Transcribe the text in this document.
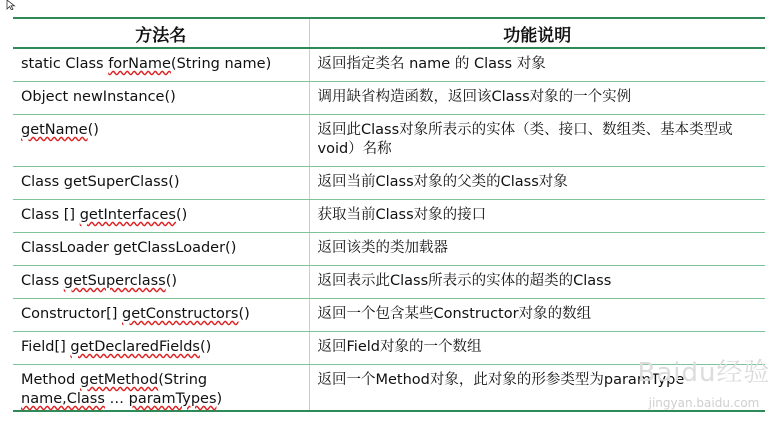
方法名	功能说明
static Class forName(String name)	返回指定类名 name 的 Class 对象
Object newInstance()	调用缺省构造函数，返回该Class对象的一个实例
getName()	返回此Class对象所表示的实体（类、接口、数组类、基本类型或void）名称
Class getSuperClass()	返回当前Class对象的父类的Class对象
Class [] getInterfaces()	获取当前Class对象的接口
ClassLoader getClassLoader()	返回该类的类加载器
Class getSuperclass()	返回表示此Class所表示的实体的超类的Class
Constructor[] getConstructors()	返回一个包含某些Constructor对象的数组
Field[] getDeclaredFields()	返回Field对象的一个数组
Method getMethod(String
name,Class … paramTypes)	返回一个Method对象，此对象的形参类型为paramType
Baidu经验
jingyan.baidu.com
